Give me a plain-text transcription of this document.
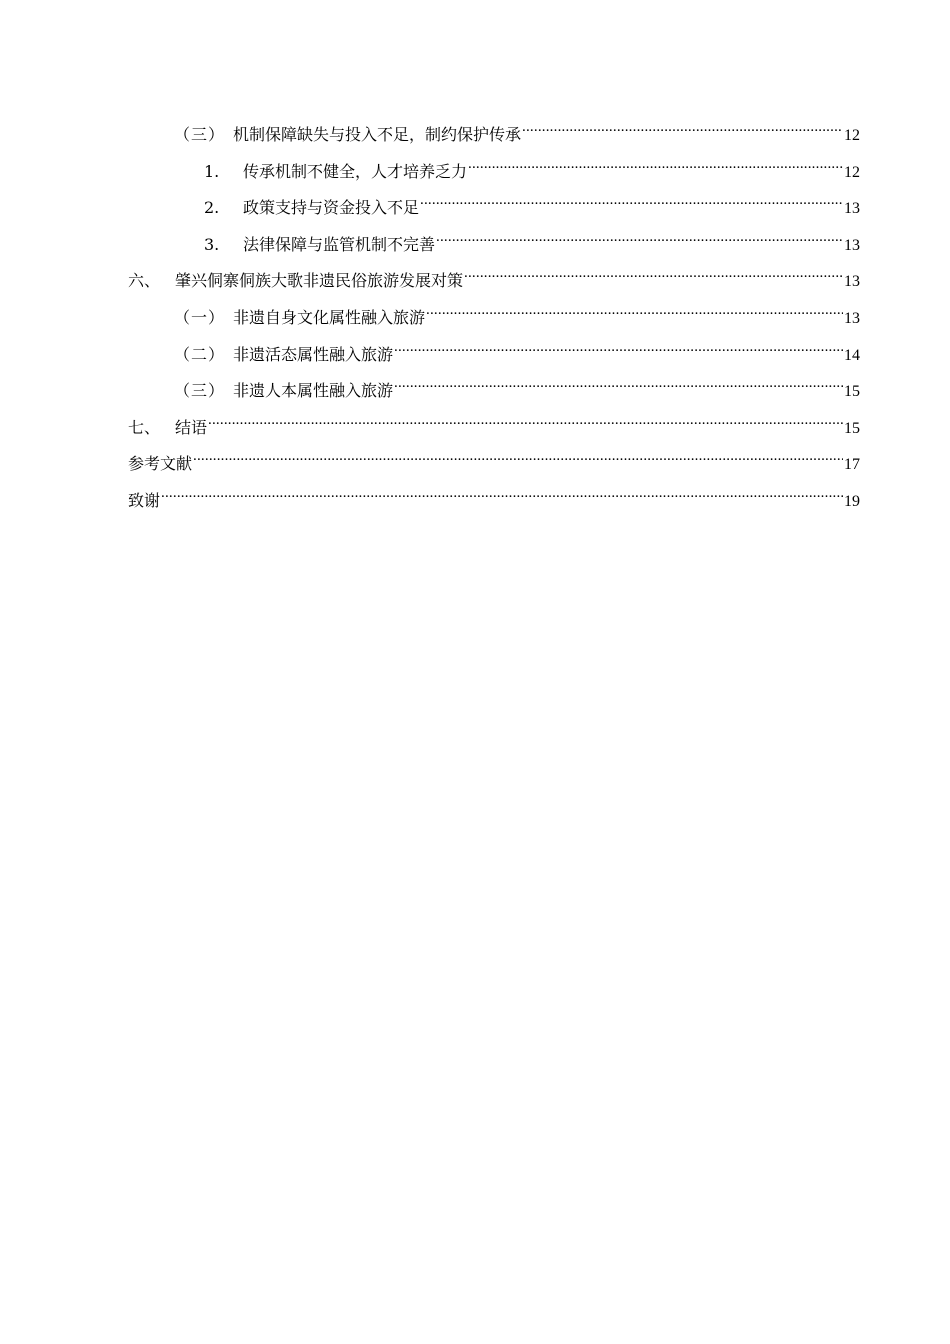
（三） 机制保障缺失与投入不足，制约保护传承 .....	12
1.	传承机制不健全，人才培养乏力 .....	12
2.	政策支持与资金投入不足 .....	13
3.	法律保障与监管机制不完善 .....	13
六、 肇兴侗寨侗族大歌非遗民俗旅游发展对策 .....	13
（一） 非遗自身文化属性融入旅游 .....	13
（二） 非遗活态属性融入旅游 .....	14
（三） 非遗人本属性融入旅游 .....	15
七、 结语 .....	15
参考文献 .....	17
致谢 .....	19
